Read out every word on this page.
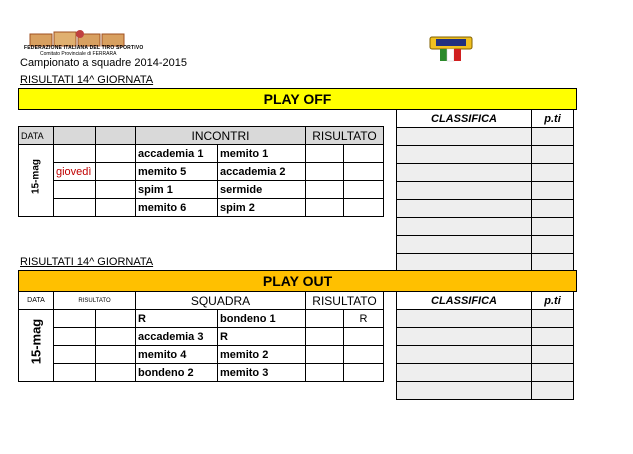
FEDERAZIONE ITALIANA DEL TIRO SPORTIVO
Comitato Provinciale di FERRARA
Campionato a squadre 2014-2015
RISULTATI 14^ GIORNATA
PLAY OFF

DATA			INCONTRI		RISULTATO	

15-mag			accademia 1	memito 1		
	giovedì		memito 5	accademia 2		
			spim 1	sermide		
			memito 6	spim 2		
CLASSIFICA	p.ti

RISULTATI 14^ GIORNATA
PLAY OUT
DATA	RISULTATO		SQUADRA		RISULTATO	

15-mag			R	bondeno 1		R
			accademia 3	R		
			memito 4	memito 2		
			bondeno 2	memito 3		
CLASSIFICA	p.ti
